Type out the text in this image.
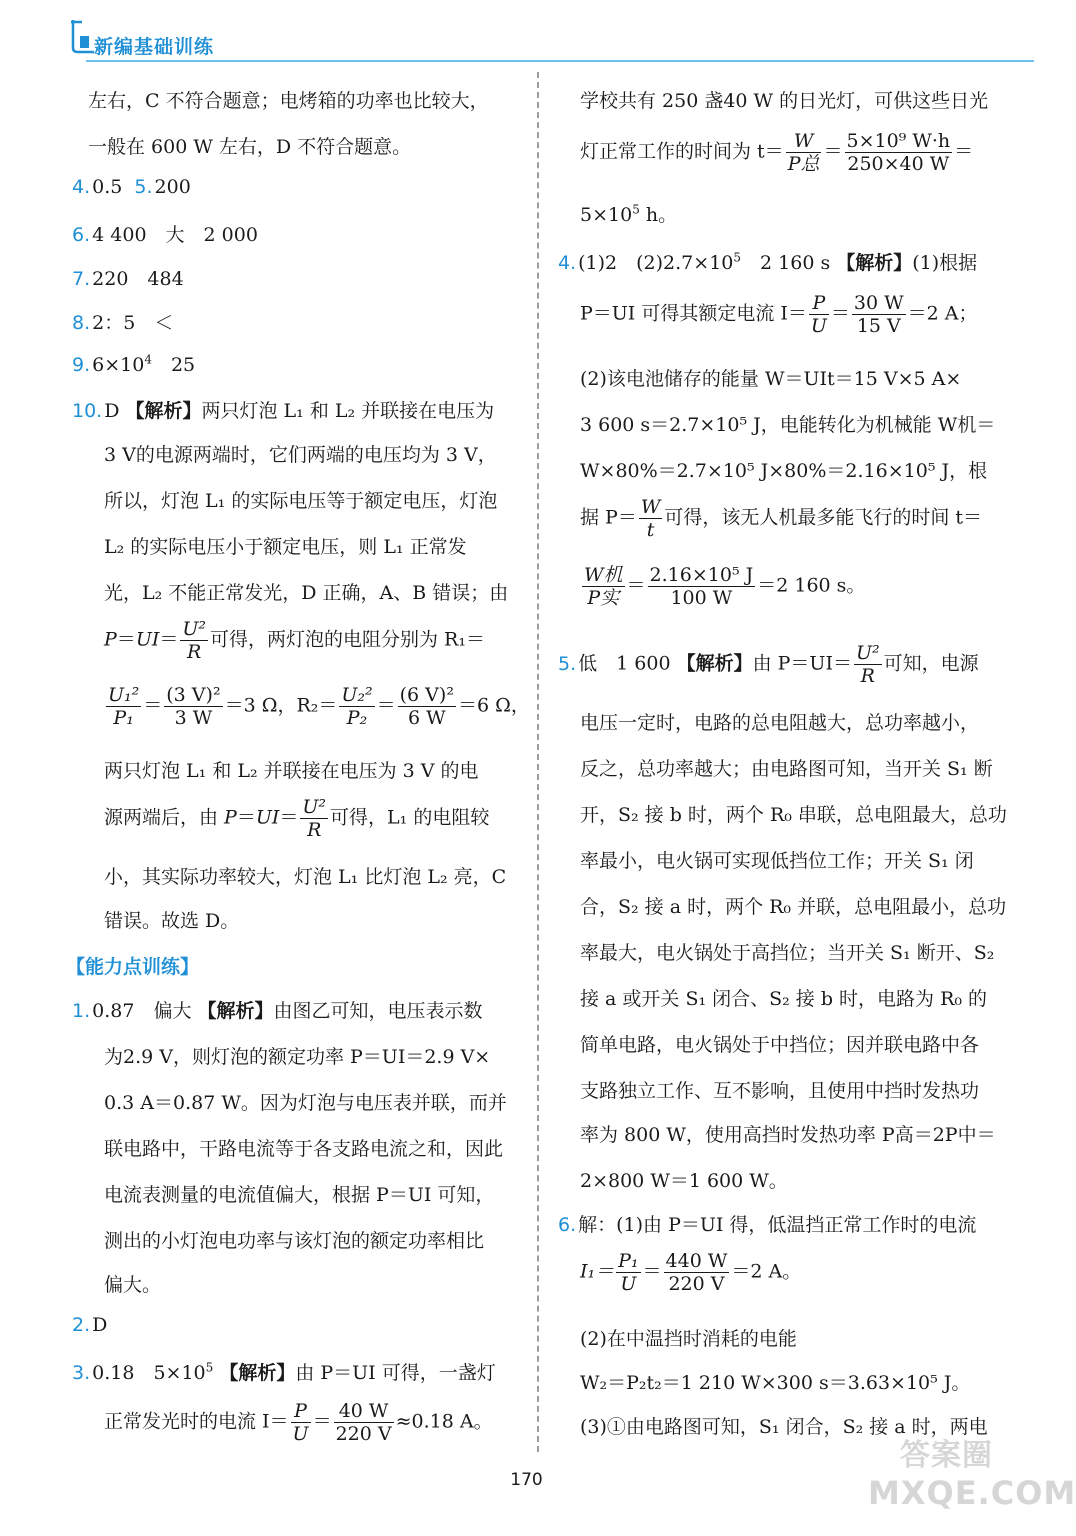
新编基础训练
左右，C 不符合题意；电烤箱的功率也比较大，
一般在 600 W 左右，D 不符合题意。
4. 0.5 5. 200
6. 4 400　大　2 000
7. 220　484
8. 2：5　＜
9. $6\times 10^4$　25
10. D 【解析】两只灯泡 L₁ 和 L₂ 并联接在电压为
3 V的电源两端时，它们两端的电压均为 3 V，
所以，灯泡 L₁ 的实际电压等于额定电压，灯泡
L₂ 的实际电压小于额定电压，则 L₁ 正常发
光，L₂ 不能正常发光，D 正确，A、B 错误；由
$P=UI= \frac{\text{U²}}{R}$ 可得，两灯泡的电阻分别为 R₁＝
$\frac{\text{U₁²}}{\text{P₁}} = \frac{\text{(3 V)²}}{3 W} =3$ Ω，$R_2= \frac{\text{U₂²}}{\text{P₂}} = \frac{\text{(6 V)²}}{6 W} =6$ Ω，
两只灯泡 L₁ 和 L₂ 并联接在电压为 3 V 的电
源两端后，由 $P=UI= \frac{\text{U²}}{R}$ 可得，L₁ 的电阻较
小，其实际功率较大，灯泡 L₁ 比灯泡 L₂ 亮，C
错误。故选 D。
【能力点训练】
1. 0.87　偏大 【解析】由图乙可知，电压表示数
为2.9 V，则灯泡的额定功率 P＝UI＝2.9 V×
0.3 A＝0.87 W。因为灯泡与电压表并联，而并
联电路中，干路电流等于各支路电流之和，因此
电流表测量的电流值偏大，根据 P＝UI 可知，
测出的小灯泡电功率与该灯泡的额定功率相比
偏大。
2. D
3. 0.18　$5\times 10^5$ 【解析】由 P＝UI 可得，一盏灯
正常发光时的电流 $I= \frac{P}{U} = \frac{40 W}{220 V} \approx 0.18$ A。
学校共有 250 盏40 W 的日光灯，可供这些日光
灯正常工作的时间为 $t= \frac{W}{\text{P总}} = \frac{\text{5×10⁹ W·h}}{250\times 40 W}$ ＝
$5\times 10^5$ h。
4. (1)2　$(2)2.7\times 10^5$　2 160 s 【解析】(1)根据
P＝UI 可得其额定电流 $I= \frac{P}{U} = \frac{30 W}{15 V} =2$ A；
(2)该电池储存的能量 W＝UIt＝15 V×5 A×
3 600 s＝2.7×10⁵ J，电能转化为机械能 W机＝
W×80%＝2.7×10⁵ J×80%＝2.16×10⁵ J，根
据 $P= \frac{W}{t}$ 可得，该无人机最多能飞行的时间 t＝
$\frac{\text{W机}}{\text{P实}} = \frac{\text{2.16×10⁵ J}}{100 W} =2$ 160 s。
5. 低　1 600 【解析】由 $P=UI= \frac{\text{U²}}{R}$ 可知，电源
电压一定时，电路的总电阻越大，总功率越小，
反之，总功率越大；由电路图可知，当开关 S₁ 断
开，S₂ 接 b 时，两个 R₀ 串联，总电阻最大，总功
率最小，电火锅可实现低挡位工作；开关 S₁ 闭
合，S₂ 接 a 时，两个 R₀ 并联，总电阻最小，总功
率最大，电火锅处于高挡位；当开关 S₁ 断开、S₂
接 a 或开关 S₁ 闭合、S₂ 接 b 时，电路为 R₀ 的
简单电路，电火锅处于中挡位；因并联电路中各
支路独立工作、互不影响，且使用中挡时发热功
率为 800 W，使用高挡时发热功率 P高＝2P中＝
2×800 W＝1 600 W。
6. 解：(1)由 P＝UI 得，低温挡正常工作时的电流
$I_1= \frac{\text{P₁}}{U} = \frac{440 W}{220 V} =2$ A。
(2)在中温挡时消耗的电能
W₂＝P₂t₂＝1 210 W×300 s＝3.63×10⁵ J。
(3)①由电路图可知，S₁ 闭合，S₂ 接 a 时，两电
170
答案圈
MXQE.COM
